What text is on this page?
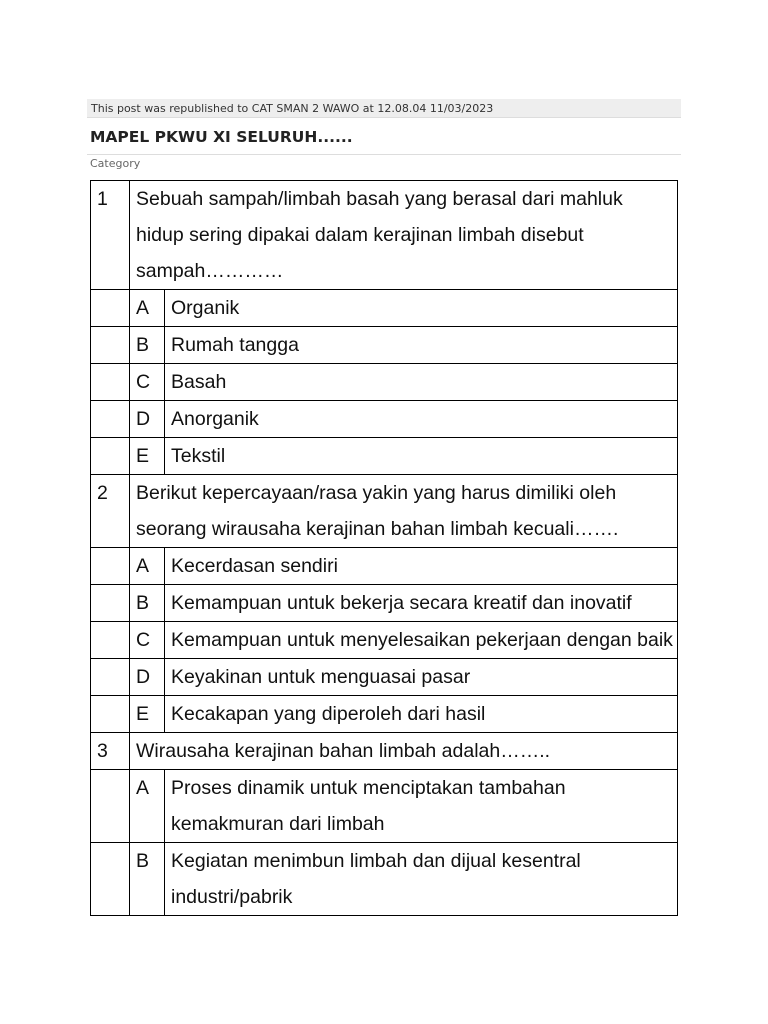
This post was republished to CAT SMAN 2 WAWO at 12.08.04 11/03/2023
MAPEL PKWU XI SELURUH......
Category
1	Sebuah sampah/limbah basah yang berasal dari mahluk hidup sering dipakai dalam kerajinan limbah disebut sampah…………	
	A	Organik
	B	Rumah tangga
	C	Basah
	D	Anorganik
	E	Tekstil
2	Berikut kepercayaan/rasa yakin yang harus dimiliki oleh seorang wirausaha kerajinan bahan limbah kecuali…….	
	A	Kecerdasan sendiri
	B	Kemampuan untuk bekerja secara kreatif dan inovatif
	C	Kemampuan untuk menyelesaikan pekerjaan dengan baik
	D	Keyakinan untuk menguasai pasar
	E	Kecakapan yang diperoleh dari hasil
3	Wirausaha kerajinan bahan limbah adalah……..	
	A	Proses dinamik untuk menciptakan tambahan kemakmuran dari limbah
	B	Kegiatan menimbun limbah dan dijual kesentral industri/pabrik
